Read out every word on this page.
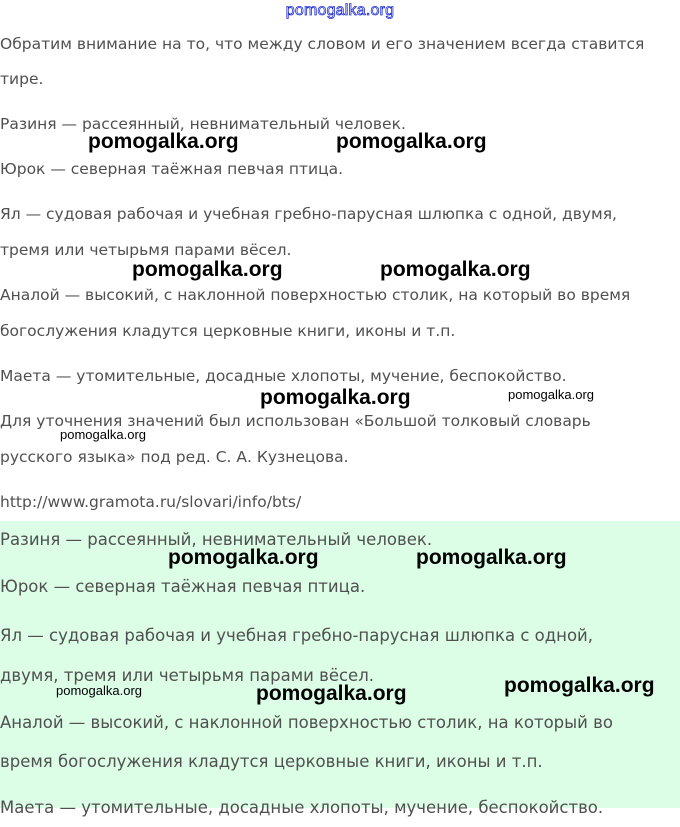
pomogalka.org

Обратим внимание на то, что между словом и его значением всегда ставится

тире.

Разиня — рассеянный, невнимательный человек.

Юрок — северная таёжная певчая птица.

Ял — судовая рабочая и учебная гребно-парусная шлюпка с одной, двумя,

тремя или четырьмя парами вёсел.

Аналой — высокий, с наклонной поверхностью столик, на который во время

богослужения кладутся церковные книги, иконы и т.п.

Маета — утомительные, досадные хлопоты, мучение, беспокойство.

Для уточнения значений был использован «Большой толковый словарь

русского языка» под ред. С. А. Кузнецова.

http://www.gramota.ru/slovari/info/bts/

Разиня — рассеянный, невнимательный человек.

Юрок — северная таёжная певчая птица.

Ял — судовая рабочая и учебная гребно-парусная шлюпка с одной,

двумя, тремя или четырьмя парами вёсел.

Аналой — высокий, с наклонной поверхностью столик, на который во

время богослужения кладутся церковные книги, иконы и т.п.

Маета — утомительные, досадные хлопоты, мучение, беспокойство.

pomogalka.org	pomogalka.org
pomogalka.org	pomogalka.org
pomogalka.org	pomogalka.org
pomogalka.org
pomogalka.org	pomogalka.org
pomogalka.org	pomogalka.org	pomogalka.org
